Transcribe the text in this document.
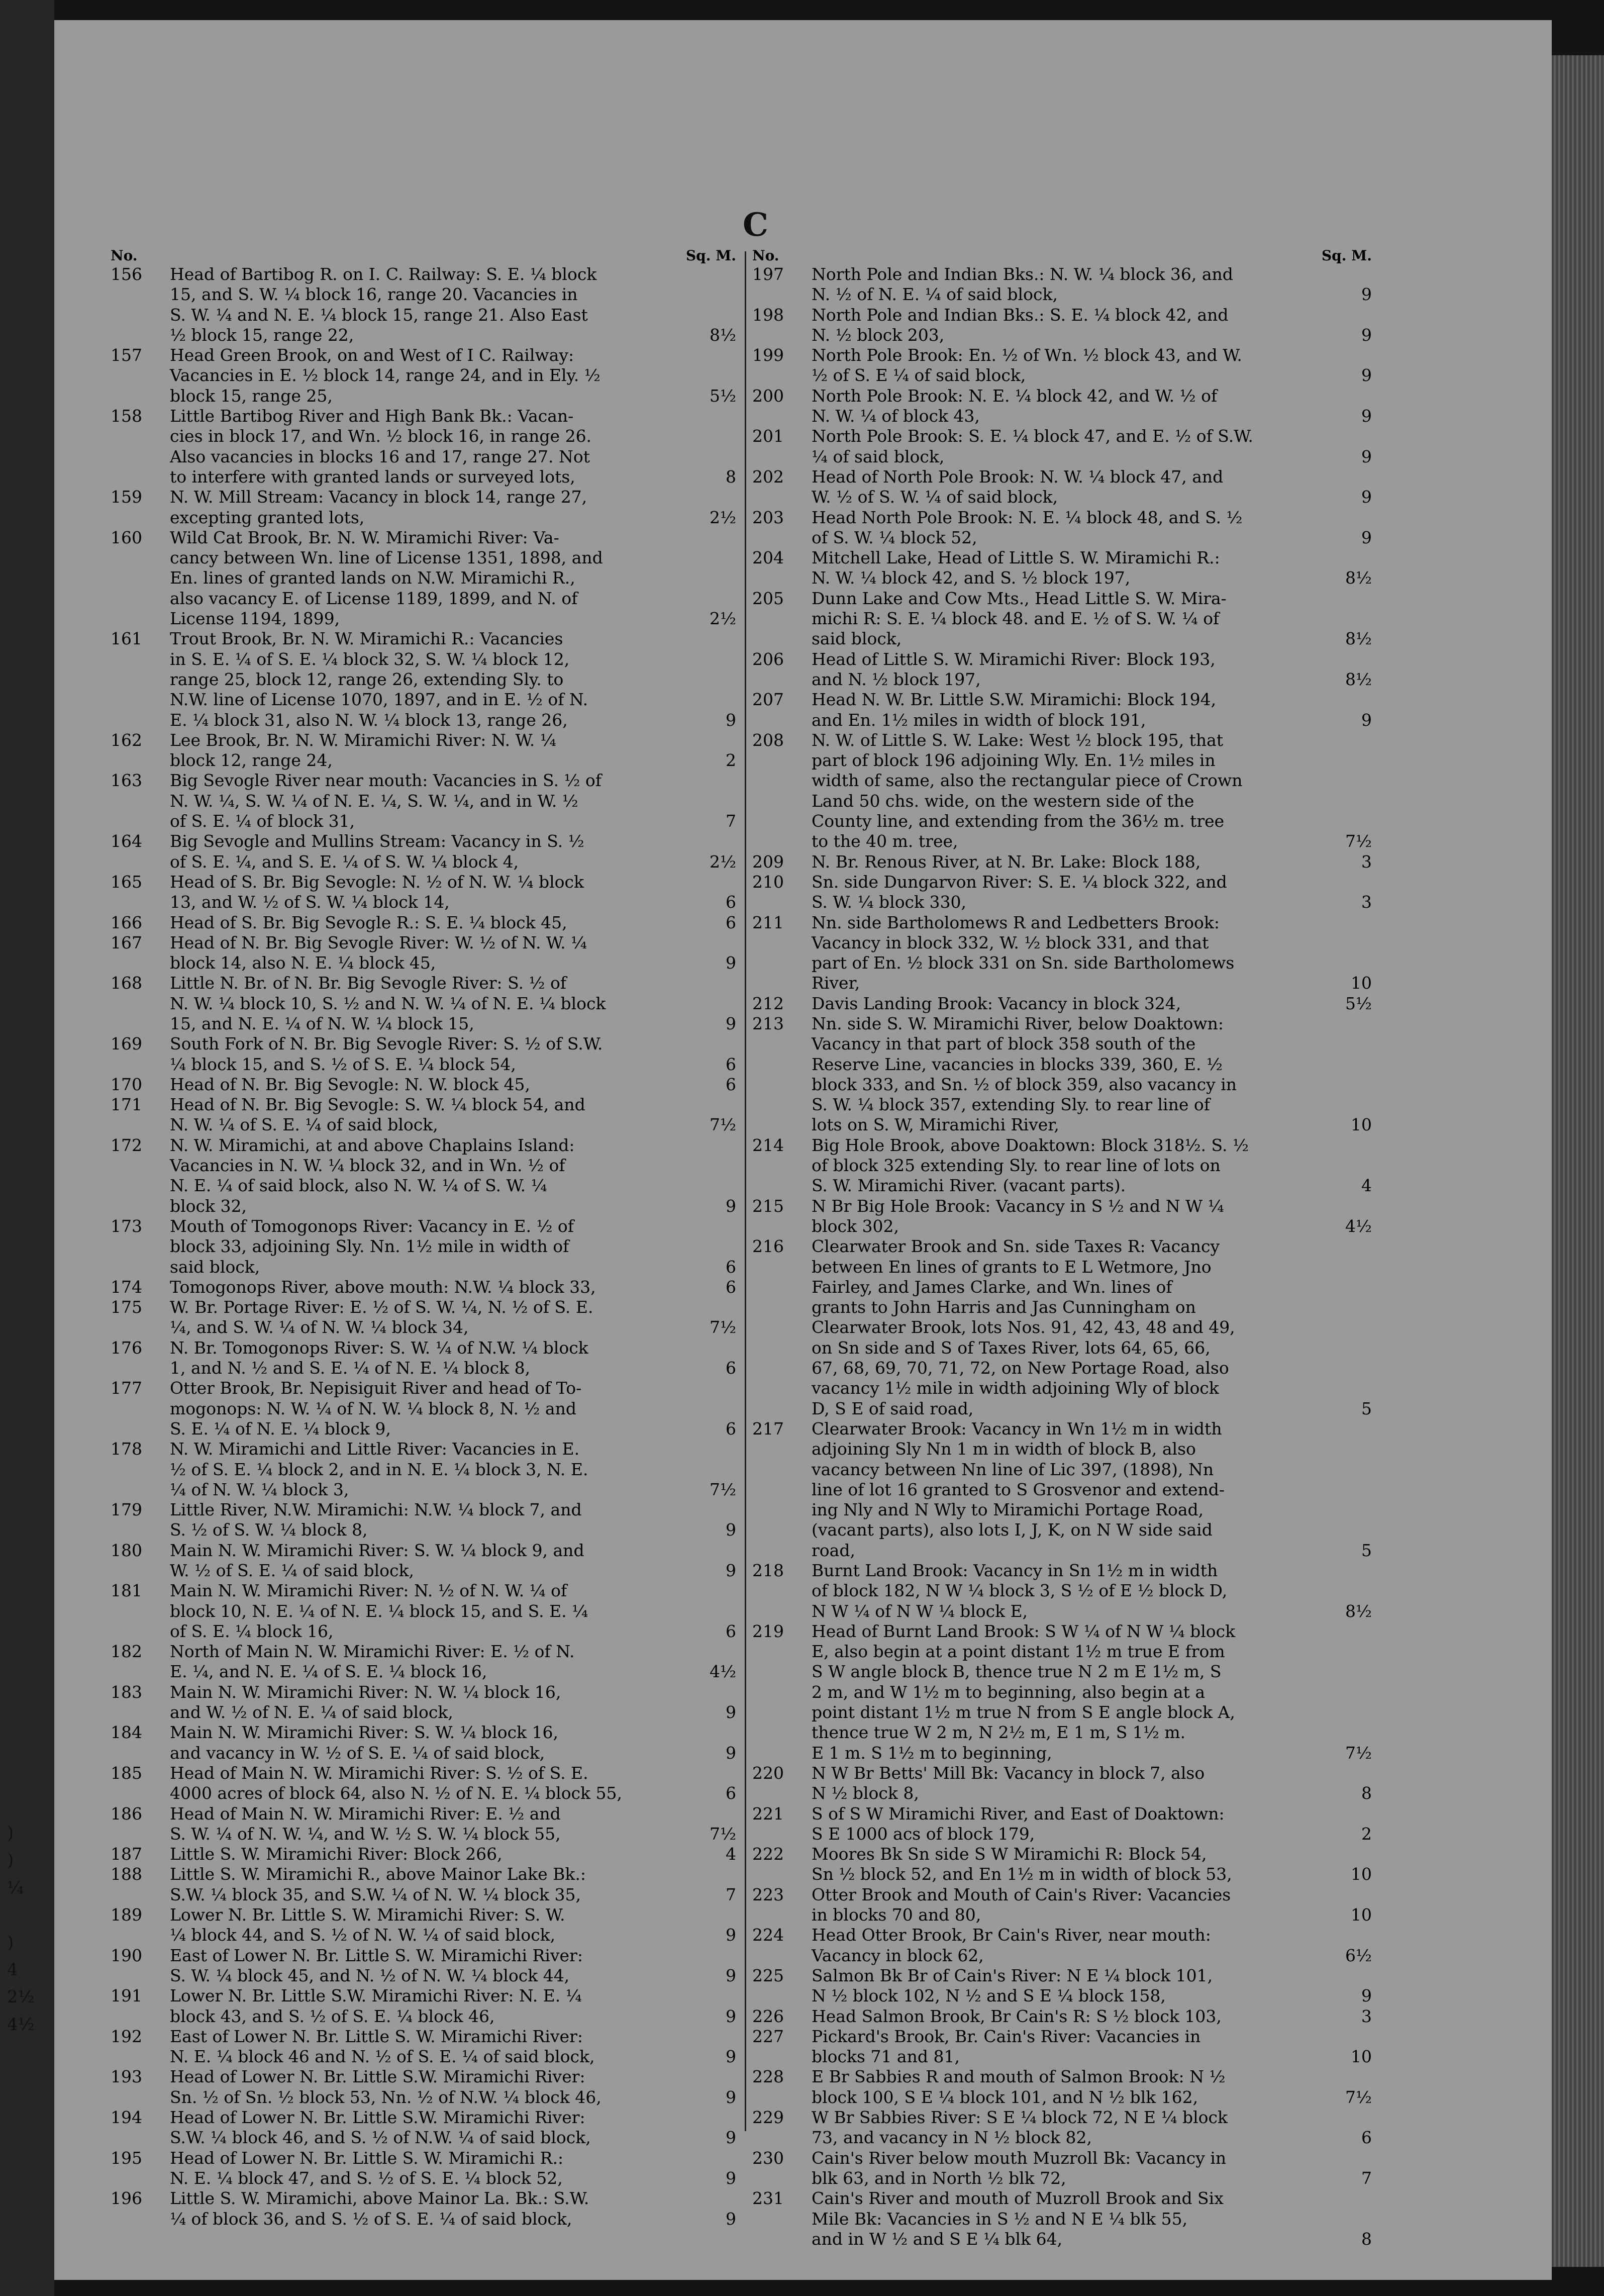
)
)
¼

)
4
2½
4½
C
No.	Sq. M.
156	Head of Bartibog R. on I. C. Railway: S. E. ¼ block
15, and S. W. ¼ block 16, range 20. Vacancies in
S. W. ¼ and N. E. ¼ block 15, range 21. Also East
½ block 15, range 22,	8½
157	Head Green Brook, on and West of I C. Railway:
Vacancies in E. ½ block 14, range 24, and in Ely. ½
block 15, range 25,	5½
158	Little Bartibog River and High Bank Bk.: Vacan-
cies in block 17, and Wn. ½ block 16, in range 26.
Also vacancies in blocks 16 and 17, range 27. Not
to interfere with granted lands or surveyed lots,	8
159	N. W. Mill Stream: Vacancy in block 14, range 27,
excepting granted lots,	2½
160	Wild Cat Brook, Br. N. W. Miramichi River: Va-
cancy between Wn. line of License 1351, 1898, and
En. lines of granted lands on N.W. Miramichi R.,
also vacancy E. of License 1189, 1899, and N. of
License 1194, 1899,	2½
161	Trout Brook, Br. N. W. Miramichi R.: Vacancies
in S. E. ¼ of S. E. ¼ block 32, S. W. ¼ block 12,
range 25, block 12, range 26, extending Sly. to
N.W. line of License 1070, 1897, and in E. ½ of N.
E. ¼ block 31, also N. W. ¼ block 13, range 26,	9
162	Lee Brook, Br. N. W. Miramichi River: N. W. ¼
block 12, range 24,	2
163	Big Sevogle River near mouth: Vacancies in S. ½ of
N. W. ¼, S. W. ¼ of N. E. ¼, S. W. ¼, and in W. ½
of S. E. ¼ of block 31,	7
164	Big Sevogle and Mullins Stream: Vacancy in S. ½
of S. E. ¼, and S. E. ¼ of S. W. ¼ block 4,	2½
165	Head of S. Br. Big Sevogle: N. ½ of N. W. ¼ block
13, and W. ½ of S. W. ¼ block 14,	6
166	Head of S. Br. Big Sevogle R.: S. E. ¼ block 45,	6
167	Head of N. Br. Big Sevogle River: W. ½ of N. W. ¼
block 14, also N. E. ¼ block 45,	9
168	Little N. Br. of N. Br. Big Sevogle River: S. ½ of
N. W. ¼ block 10, S. ½ and N. W. ¼ of N. E. ¼ block
15, and N. E. ¼ of N. W. ¼ block 15,	9
169	South Fork of N. Br. Big Sevogle River: S. ½ of S.W.
¼ block 15, and S. ½ of S. E. ¼ block 54,	6
170	Head of N. Br. Big Sevogle: N. W. block 45,	6
171	Head of N. Br. Big Sevogle: S. W. ¼ block 54, and
N. W. ¼ of S. E. ¼ of said block,	7½
172	N. W. Miramichi, at and above Chaplains Island:
Vacancies in N. W. ¼ block 32, and in Wn. ½ of
N. E. ¼ of said block, also N. W. ¼ of S. W. ¼
block 32,	9
173	Mouth of Tomogonops River: Vacancy in E. ½ of
block 33, adjoining Sly. Nn. 1½ mile in width of
said block,	6
174	Tomogonops River, above mouth: N.W. ¼ block 33,	6
175	W. Br. Portage River: E. ½ of S. W. ¼, N. ½ of S. E.
¼, and S. W. ¼ of N. W. ¼ block 34,	7½
176	N. Br. Tomogonops River: S. W. ¼ of N.W. ¼ block
1, and N. ½ and S. E. ¼ of N. E. ¼ block 8,	6
177	Otter Brook, Br. Nepisiguit River and head of To-
mogonops: N. W. ¼ of N. W. ¼ block 8, N. ½ and
S. E. ¼ of N. E. ¼ block 9,	6
178	N. W. Miramichi and Little River: Vacancies in E.
½ of S. E. ¼ block 2, and in N. E. ¼ block 3, N. E.
¼ of N. W. ¼ block 3,	7½
179	Little River, N.W. Miramichi: N.W. ¼ block 7, and
S. ½ of S. W. ¼ block 8,	9
180	Main N. W. Miramichi River: S. W. ¼ block 9, and
W. ½ of S. E. ¼ of said block,	9
181	Main N. W. Miramichi River: N. ½ of N. W. ¼ of
block 10, N. E. ¼ of N. E. ¼ block 15, and S. E. ¼
of S. E. ¼ block 16,	6
182	North of Main N. W. Miramichi River: E. ½ of N.
E. ¼, and N. E. ¼ of S. E. ¼ block 16,	4½
183	Main N. W. Miramichi River: N. W. ¼ block 16,
and W. ½ of N. E. ¼ of said block,	9
184	Main N. W. Miramichi River: S. W. ¼ block 16,
and vacancy in W. ½ of S. E. ¼ of said block,	9
185	Head of Main N. W. Miramichi River: S. ½ of S. E.
4000 acres of block 64, also N. ½ of N. E. ¼ block 55,	6
186	Head of Main N. W. Miramichi River: E. ½ and
S. W. ¼ of N. W. ¼, and W. ½ S. W. ¼ block 55,	7½
187	Little S. W. Miramichi River: Block 266,	4
188	Little S. W. Miramichi R., above Mainor Lake Bk.:
S.W. ¼ block 35, and S.W. ¼ of N. W. ¼ block 35,	7
189	Lower N. Br. Little S. W. Miramichi River: S. W.
¼ block 44, and S. ½ of N. W. ¼ of said block,	9
190	East of Lower N. Br. Little S. W. Miramichi River:
S. W. ¼ block 45, and N. ½ of N. W. ¼ block 44,	9
191	Lower N. Br. Little S.W. Miramichi River: N. E. ¼
block 43, and S. ½ of S. E. ¼ block 46,	9
192	East of Lower N. Br. Little S. W. Miramichi River:
N. E. ¼ block 46 and N. ½ of S. E. ¼ of said block,	9
193	Head of Lower N. Br. Little S.W. Miramichi River:
Sn. ½ of Sn. ½ block 53, Nn. ½ of N.W. ¼ block 46,	9
194	Head of Lower N. Br. Little S.W. Miramichi River:
S.W. ¼ block 46, and S. ½ of N.W. ¼ of said block,	9
195	Head of Lower N. Br. Little S. W. Miramichi R.:
N. E. ¼ block 47, and S. ½ of S. E. ¼ block 52,	9
196	Little S. W. Miramichi, above Mainor La. Bk.: S.W.
¼ of block 36, and S. ½ of S. E. ¼ of said block,	9
No.	Sq. M.
197	North Pole and Indian Bks.: N. W. ¼ block 36, and
N. ½ of N. E. ¼ of said block,	9
198	North Pole and Indian Bks.: S. E. ¼ block 42, and
N. ½ block 203,	9
199	North Pole Brook: En. ½ of Wn. ½ block 43, and W.
½ of S. E ¼ of said block,	9
200	North Pole Brook: N. E. ¼ block 42, and W. ½ of
N. W. ¼ of block 43,	9
201	North Pole Brook: S. E. ¼ block 47, and E. ½ of S.W.
¼ of said block,	9
202	Head of North Pole Brook: N. W. ¼ block 47, and
W. ½ of S. W. ¼ of said block,	9
203	Head North Pole Brook: N. E. ¼ block 48, and S. ½
of S. W. ¼ block 52,	9
204	Mitchell Lake, Head of Little S. W. Miramichi R.:
N. W. ¼ block 42, and S. ½ block 197,	8½
205	Dunn Lake and Cow Mts., Head Little S. W. Mira-
michi R: S. E. ¼ block 48. and E. ½ of S. W. ¼ of
said block,	8½
206	Head of Little S. W. Miramichi River: Block 193,
and N. ½ block 197,	8½
207	Head N. W. Br. Little S.W. Miramichi: Block 194,
and En. 1½ miles in width of block 191,	9
208	N. W. of Little S. W. Lake: West ½ block 195, that
part of block 196 adjoining Wly. En. 1½ miles in
width of same, also the rectangular piece of Crown
Land 50 chs. wide, on the western side of the
County line, and extending from the 36½ m. tree
to the 40 m. tree,	7½
209	N. Br. Renous River, at N. Br. Lake: Block 188,	3
210	Sn. side Dungarvon River: S. E. ¼ block 322, and
S. W. ¼ block 330,	3
211	Nn. side Bartholomews R and Ledbetters Brook:
Vacancy in block 332, W. ½ block 331, and that
part of En. ½ block 331 on Sn. side Bartholomews
River,	10
212	Davis Landing Brook: Vacancy in block 324,	5½
213	Nn. side S. W. Miramichi River, below Doaktown:
Vacancy in that part of block 358 south of the
Reserve Line, vacancies in blocks 339, 360, E. ½
block 333, and Sn. ½ of block 359, also vacancy in
S. W. ¼ block 357, extending Sly. to rear line of
lots on S. W, Miramichi River,	10
214	Big Hole Brook, above Doaktown: Block 318½. S. ½
of block 325 extending Sly. to rear line of lots on
S. W. Miramichi River. (vacant parts).	4
215	N Br Big Hole Brook: Vacancy in S ½ and N W ¼
block 302,	4½
216	Clearwater Brook and Sn. side Taxes R: Vacancy
between En lines of grants to E L Wetmore, Jno
Fairley, and James Clarke, and Wn. lines of
grants to John Harris and Jas Cunningham on
Clearwater Brook, lots Nos. 91, 42, 43, 48 and 49,
on Sn side and S of Taxes River, lots 64, 65, 66,
67, 68, 69, 70, 71, 72, on New Portage Road, also
vacancy 1½ mile in width adjoining Wly of block
D, S E of said road,	5
217	Clearwater Brook: Vacancy in Wn 1½ m in width
adjoining Sly Nn 1 m in width of block B, also
vacancy between Nn line of Lic 397, (1898), Nn
line of lot 16 granted to S Grosvenor and extend-
ing Nly and N Wly to Miramichi Portage Road,
(vacant parts), also lots I, J, K, on N W side said
road,	5
218	Burnt Land Brook: Vacancy in Sn 1½ m in width
of block 182, N W ¼ block 3, S ½ of E ½ block D,
N W ¼ of N W ¼ block E,	8½
219	Head of Burnt Land Brook: S W ¼ of N W ¼ block
E, also begin at a point distant 1½ m true E from
S W angle block B, thence true N 2 m E 1½ m, S
2 m, and W 1½ m to beginning, also begin at a
point distant 1½ m true N from S E angle block A,
thence true W 2 m, N 2½ m, E 1 m, S 1½ m.
E 1 m. S 1½ m to beginning,	7½
220	N W Br Betts' Mill Bk: Vacancy in block 7, also
N ½ block 8,	8
221	S of S W Miramichi River, and East of Doaktown:
S E 1000 acs of block 179,	2
222	Moores Bk Sn side S W Miramichi R: Block 54,
Sn ½ block 52, and En 1½ m in width of block 53,	10
223	Otter Brook and Mouth of Cain's River: Vacancies
in blocks 70 and 80,	10
224	Head Otter Brook, Br Cain's River, near mouth:
Vacancy in block 62,	6½
225	Salmon Bk Br of Cain's River: N E ¼ block 101,
N ½ block 102, N ½ and S E ¼ block 158,	9
226	Head Salmon Brook, Br Cain's R: S ½ block 103,	3
227	Pickard's Brook, Br. Cain's River: Vacancies in
blocks 71 and 81,	10
228	E Br Sabbies R and mouth of Salmon Brook: N ½
block 100, S E ¼ block 101, and N ½ blk 162,	7½
229	W Br Sabbies River: S E ¼ block 72, N E ¼ block
73, and vacancy in N ½ block 82,	6
230	Cain's River below mouth Muzroll Bk: Vacancy in
blk 63, and in North ½ blk 72,	7
231	Cain's River and mouth of Muzroll Brook and Six
Mile Bk: Vacancies in S ½ and N E ¼ blk 55,
and in W ½ and S E ¼ blk 64,	8
